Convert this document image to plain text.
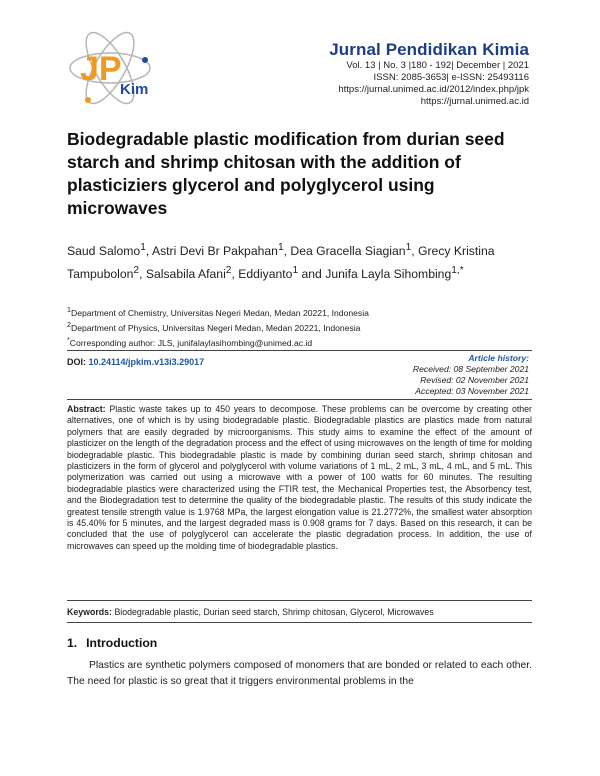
JP
Kim
Jurnal Pendidikan Kimia
Vol. 13 | No. 3 |180 - 192| December | 2021
ISSN: 2085-3653| e-ISSN: 25493116
https://jurnal.unimed.ac.id/2012/index.php/jpk
https://jurnal.unimed.ac.id
Biodegradable plastic modification from durian seed starch and shrimp chitosan with the addition of plasticiziers glycerol and polyglycerol using microwaves
Saud Salomo$^1$, Astri Devi Br Pakpahan$^1$, Dea Gracella Siagian$^1$, Grecy Kristina Tampubolon$^2$, Salsabila Afani$^2$, Eddiyanto$^1$ and Junifa Layla Sihombing$^{1,*}$
$^1$Department of Chemistry, Universitas Negeri Medan, Medan 20221, Indonesia
$^2$Department of Physics, Universitas Negeri Medan, Medan 20221, Indonesia
*Corresponding author: JLS, junifalaylasihombing@unimed.ac.id
DOI: 10.24114/jpkim.v13i3.29017	Article history:
Received: 08 September 2021
Revised: 02 November 2021
Accepted: 03 November 2021
Abstract: Plastic waste takes up to 450 years to decompose. These problems can be overcome by creating other alternatives, one of which is by using biodegradable plastic. Biodegradable plastics are plastics made from natural polymers that are easily degraded by microorganisms. This study aims to examine the effect of the amount of plasticizer on the length of the degradation process and the effect of using microwaves on the length of time for molding biodegradable plastic. This biodegradable plastic is made by combining durian seed starch, shrimp chitosan and plasticizers in the form of glycerol and polyglycerol with volume variations of 1 mL, 2 mL, 3 mL, 4 mL, and 5 mL. This polymerization was carried out using a microwave with a power of 100 watts for 60 minutes. The resulting biodegradable plastics were characterized using the FTIR test, the Mechanical Properties test, the Absorbency test, and the Biodegradation test to determine the quality of the biodegradable plastic. The results of this study indicate the greatest tensile strength value is 1.9768 MPa, the largest elongation value is 21.2772%, the smallest water absorption is 45.40% for 5 minutes, and the largest degraded mass is 0.908 grams for 7 days. Based on this research, it can be concluded that the use of polyglycerol can accelerate the plastic degradation process. In addition, the use of microwaves can speed up the molding time of biodegradable plastics.
Keywords: Biodegradable plastic, Durian seed starch, Shrimp chitosan, Glycerol, Microwaves
1. Introduction
Plastics are synthetic polymers composed of monomers that are bonded or related to each other. The need for plastic is so great that it triggers environmental problems in the
